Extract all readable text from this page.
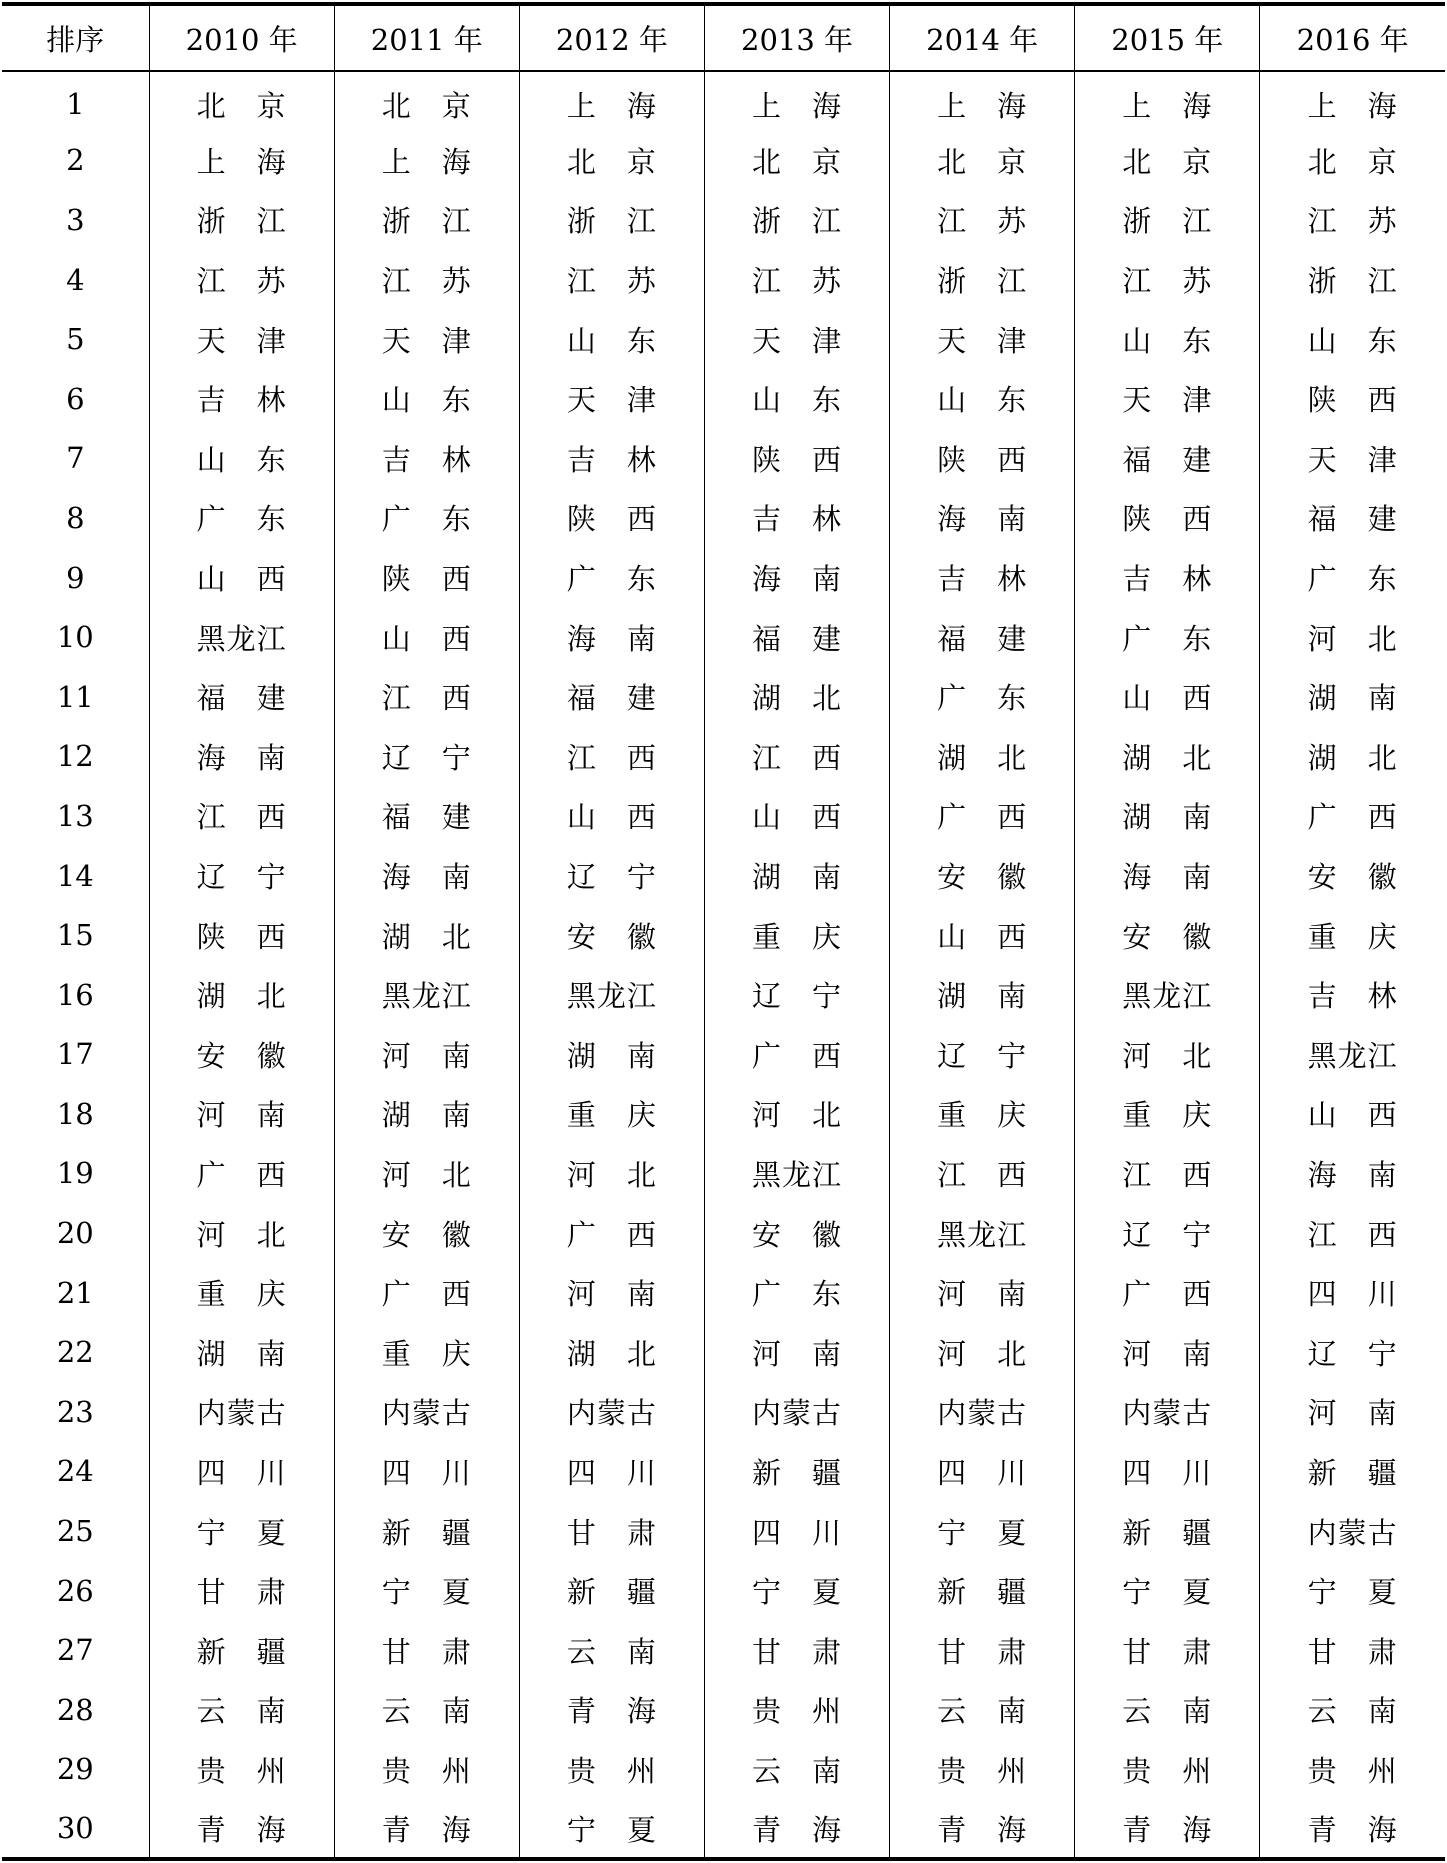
排序	2010 年	2011 年	2012 年	2013 年	2014 年	2015 年	2016 年
1	北　京	北　京	上　海	上　海	上　海	上　海	上　海
2	上　海	上　海	北　京	北　京	北　京	北　京	北　京
3	浙　江	浙　江	浙　江	浙　江	江　苏	浙　江	江　苏
4	江　苏	江　苏	江　苏	江　苏	浙　江	江　苏	浙　江
5	天　津	天　津	山　东	天　津	天　津	山　东	山　东
6	吉　林	山　东	天　津	山　东	山　东	天　津	陕　西
7	山　东	吉　林	吉　林	陕　西	陕　西	福　建	天　津
8	广　东	广　东	陕　西	吉　林	海　南	陕　西	福　建
9	山　西	陕　西	广　东	海　南	吉　林	吉　林	广　东
10	黑龙江	山　西	海　南	福　建	福　建	广　东	河　北
11	福　建	江　西	福　建	湖　北	广　东	山　西	湖　南
12	海　南	辽　宁	江　西	江　西	湖　北	湖　北	湖　北
13	江　西	福　建	山　西	山　西	广　西	湖　南	广　西
14	辽　宁	海　南	辽　宁	湖　南	安　徽	海　南	安　徽
15	陕　西	湖　北	安　徽	重　庆	山　西	安　徽	重　庆
16	湖　北	黑龙江	黑龙江	辽　宁	湖　南	黑龙江	吉　林
17	安　徽	河　南	湖　南	广　西	辽　宁	河　北	黑龙江
18	河　南	湖　南	重　庆	河　北	重　庆	重　庆	山　西
19	广　西	河　北	河　北	黑龙江	江　西	江　西	海　南
20	河　北	安　徽	广　西	安　徽	黑龙江	辽　宁	江　西
21	重　庆	广　西	河　南	广　东	河　南	广　西	四　川
22	湖　南	重　庆	湖　北	河　南	河　北	河　南	辽　宁
23	内蒙古	内蒙古	内蒙古	内蒙古	内蒙古	内蒙古	河　南
24	四　川	四　川	四　川	新　疆	四　川	四　川	新　疆
25	宁　夏	新　疆	甘　肃	四　川	宁　夏	新　疆	内蒙古
26	甘　肃	宁　夏	新　疆	宁　夏	新　疆	宁　夏	宁　夏
27	新　疆	甘　肃	云　南	甘　肃	甘　肃	甘　肃	甘　肃
28	云　南	云　南	青　海	贵　州	云　南	云　南	云　南
29	贵　州	贵　州	贵　州	云　南	贵　州	贵　州	贵　州
30	青　海	青　海	宁　夏	青　海	青　海	青　海	青　海
